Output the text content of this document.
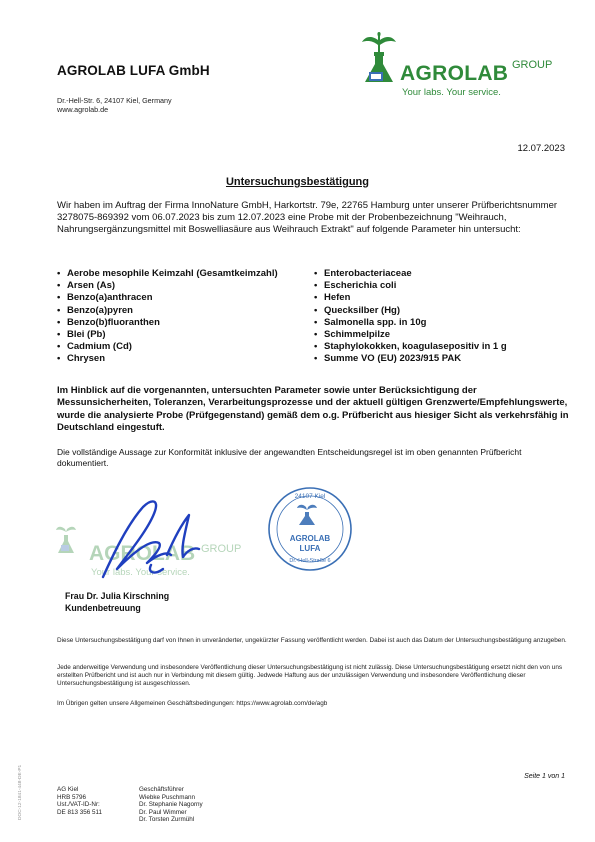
AGROLAB LUFA GmbH
Dr.-Hell-Str. 6, 24107 Kiel, Germany
www.agrolab.de
AGROLAB GROUP
Your labs. Your service.
12.07.2023
Untersuchungsbestätigung
Wir haben im Auftrag der Firma InnoNature GmbH, Harkortstr. 79e, 22765 Hamburg unter unserer Prüfberichtsnummer 3278075-869392 vom 06.07.2023 bis zum 12.07.2023 eine Probe mit der Probenbezeichnung "Weihrauch, Nahrungsergänzungsmittel mit Boswelliasäure aus Weihrauch Extrakt" auf folgende Parameter hin untersucht:
• Aerobe mesophile Keimzahl (Gesamtkeimzahl)
• Arsen (As)
• Benzo(a)anthracen
• Benzo(a)pyren
• Benzo(b)fluoranthen
• Blei (Pb)
• Cadmium (Cd)
• Chrysen
• Enterobacteriaceae
• Escherichia coli
• Hefen
• Quecksilber (Hg)
• Salmonella spp. in 10g
• Schimmelpilze
• Staphylokokken, koagulasepositiv in 1 g
• Summe VO (EU) 2023/915 PAK
Im Hinblick auf die vorgenannten, untersuchten Parameter sowie unter Berücksichtigung der Messunsicherheiten, Toleranzen, Verarbeitungsprozesse und der aktuell gültigen Grenzwerte/Empfehlungswerte, wurde die analysierte Probe (Prüfgegenstand) gemäß dem o.g. Prüfbericht aus hiesiger Sicht als verkehrsfähig in Deutschland eingestuft.
Die vollständige Aussage zur Konformität inklusive der angewandten Entscheidungsregel ist im oben genannten Prüfbericht dokumentiert.
AGROLAB GROUP
Your labs. Your service.
24107 Kiel
AGROLAB
LUFA
Dr.-Hell-Straße 6
Frau Dr. Julia Kirschning
Kundenbetreuung
Diese Untersuchungsbestätigung darf von Ihnen in unveränderter, ungekürzter Fassung veröffentlicht werden. Dabei ist auch das Datum der Untersuchungsbestätigung anzugeben.
Jede anderweitige Verwendung und insbesondere Veröffentlichung dieser Untersuchungsbestätigung ist nicht zulässig. Diese Untersuchungsbestätigung ersetzt nicht den von uns erstellten Prüfbericht und ist auch nur in Verbindung mit diesem gültig. Jedwede Haftung aus der unzulässigen Verwendung und insbesondere Veröffentlichung dieser Untersuchungsbestätigung ist ausgeschlossen.
Im Übrigen gelten unsere Allgemeinen Geschäftsbedingungen: https://www.agrolab.com/de/agb
DOC-12-1841-448-DE-P1	Seite 1 von 1
AG Kiel
HRB 5796
Ust./VAT-ID-Nr:
DE 813 356 511
Geschäftsführer
Wiebke Puschmann
Dr. Stephanie Nagorny
Dr. Paul Wimmer
Dr. Torsten Zurmühl
